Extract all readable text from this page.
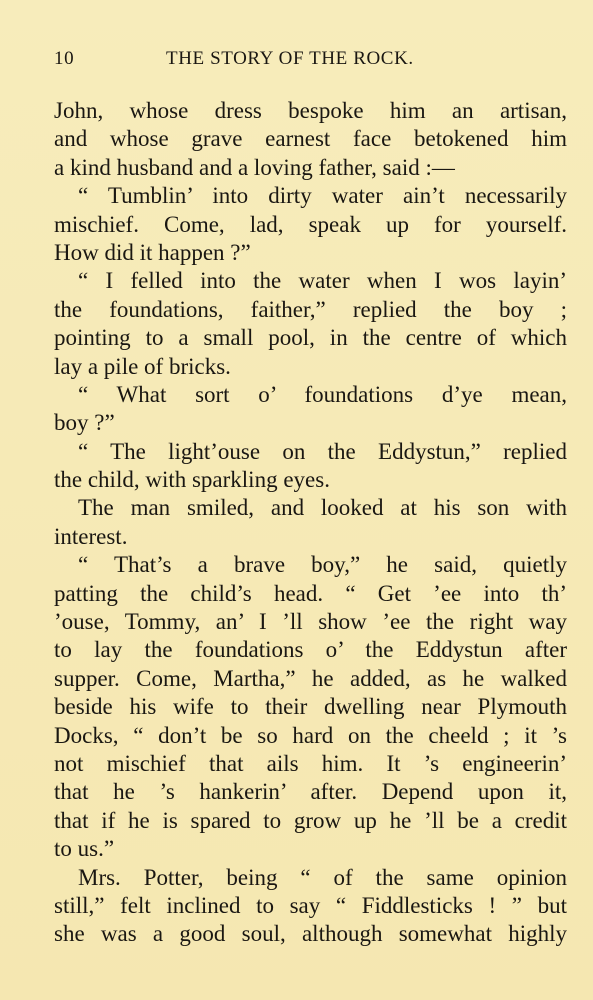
10	THE STORY OF THE ROCK.
John, whose dress bespoke him an artisan,
and whose grave earnest face betokened him
a kind husband and a loving father, said :—
“ Tumblin’ into dirty water ain’t necessarily
mischief. Come, lad, speak up for yourself.
How did it happen ?”
“ I felled into the water when I wos layin’
the foundations, faither,” replied the boy ;
pointing to a small pool, in the centre of which
lay a pile of bricks.
“ What sort o’ foundations d’ye mean,
boy ?”
“ The light’ouse on the Eddystun,” replied
the child, with sparkling eyes.
The man smiled, and looked at his son with
interest.
“ That’s a brave boy,” he said, quietly
patting the child’s head. “ Get ’ee into th’
’ouse, Tommy, an’ I ’ll show ’ee the right way
to lay the foundations o’ the Eddystun after
supper. Come, Martha,” he added, as he walked
beside his wife to their dwelling near Plymouth
Docks, “ don’t be so hard on the cheeld ; it ’s
not mischief that ails him. It ’s engineerin’
that he ’s hankerin’ after. Depend upon it,
that if he is spared to grow up he ’ll be a credit
to us.”
Mrs. Potter, being “ of the same opinion
still,” felt inclined to say “ Fiddlesticks ! ” but
she was a good soul, although somewhat highly
